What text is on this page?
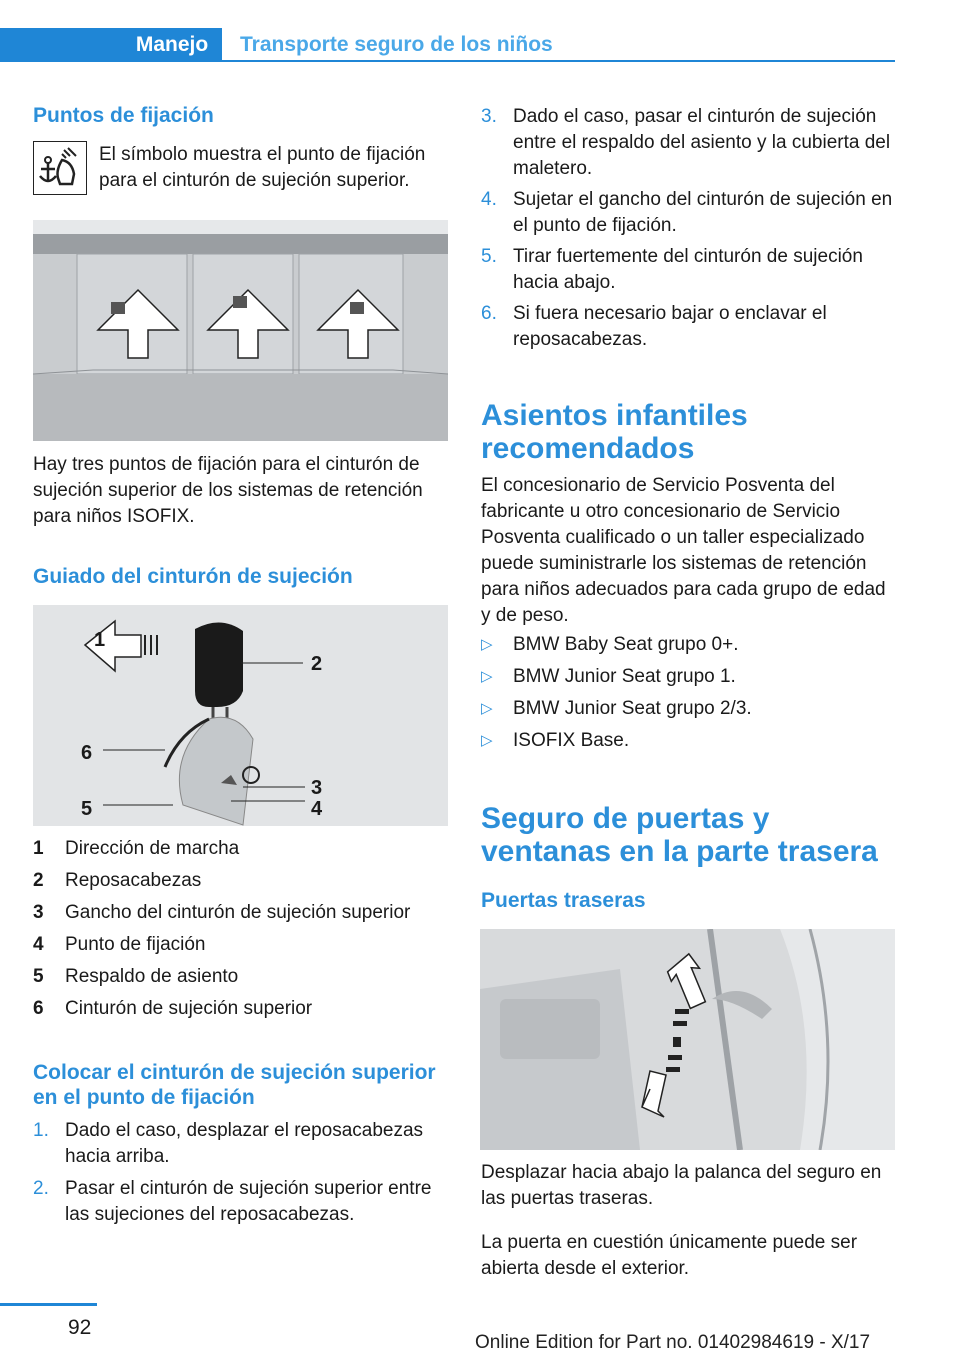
Manejo	Transporte seguro de los niños
Puntos de fijación
El símbolo muestra el punto de fijación para el cinturón de sujeción superior.
Hay tres puntos de fijación para el cinturón de sujeción superior de los sistemas de retención para niños ISOFIX.
Guiado del cinturón de sujeción
1
2
3
4
5
6
1	Dirección de marcha
2	Reposacabezas
3	Gancho del cinturón de sujeción superior
4	Punto de fijación
5	Respaldo de asiento
6	Cinturón de sujeción superior
Colocar el cinturón de sujeción superior en el punto de fijación
1. Dado el caso, desplazar el reposacabezas hacia arriba.
2. Pasar el cinturón de sujeción superior entre las sujeciones del reposacabezas.
3. Dado el caso, pasar el cinturón de sujeción entre el respaldo del asiento y la cubierta del maletero.
4. Sujetar el gancho del cinturón de sujeción en el punto de fijación.
5. Tirar fuertemente del cinturón de sujeción hacia abajo.
6. Si fuera necesario bajar o enclavar el reposacabezas.
Asientos infantiles recomendados
El concesionario de Servicio Posventa del fabricante u otro concesionario de Servicio Posventa cualificado o un taller especializado puede suministrarle los sistemas de retención para niños adecuados para cada grupo de edad y de peso.
▷	BMW Baby Seat grupo 0+.
▷	BMW Junior Seat grupo 1.
▷	BMW Junior Seat grupo 2/3.
▷	ISOFIX Base.
Seguro de puertas y ventanas en la parte trasera
Puertas traseras
Desplazar hacia abajo la palanca del seguro en las puertas traseras.
La puerta en cuestión únicamente puede ser abierta desde el exterior.
92
Online Edition for Part no. 01402984619 - X/17
